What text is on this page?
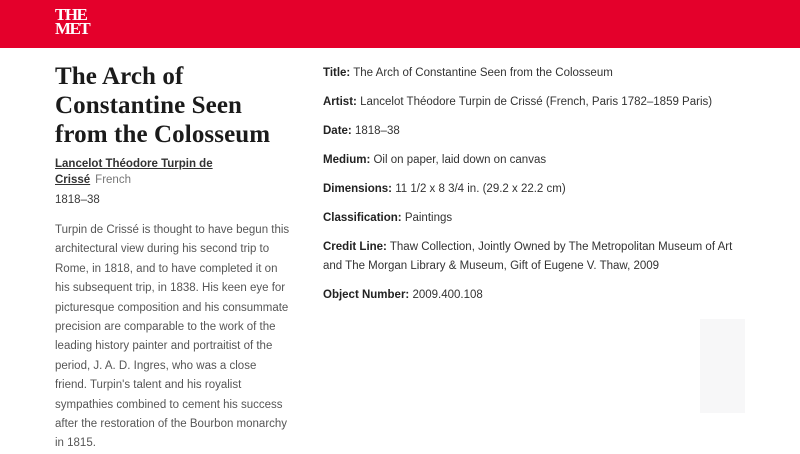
THE
MET
The Arch of
Constantine Seen
from the Colosseum
Lancelot Théodore Turpin de Crissé French
1818–38

Turpin de Crissé is thought to have begun this architectural view during his second trip to Rome, in 1818, and to have completed it on his subsequent trip, in 1838. His keen eye for picturesque composition and his consummate precision are comparable to the work of the leading history painter and portraitist of the period, J. A. D. Ingres, who was a close friend. Turpin's talent and his royalist sympathies combined to cement his success after the restoration of the Bourbon monarchy in 1815.

Title: The Arch of Constantine Seen from the Colosseum
Artist: Lancelot Théodore Turpin de Crissé (French, Paris 1782–1859 Paris)
Date: 1818–38
Medium: Oil on paper, laid down on canvas
Dimensions: 11 1/2 x 8 3/4 in. (29.2 x 22.2 cm)
Classification: Paintings
Credit Line: Thaw Collection, Jointly Owned by The Metropolitan Museum of Art and The Morgan Library & Museum, Gift of Eugene V. Thaw, 2009
Object Number: 2009.400.108
